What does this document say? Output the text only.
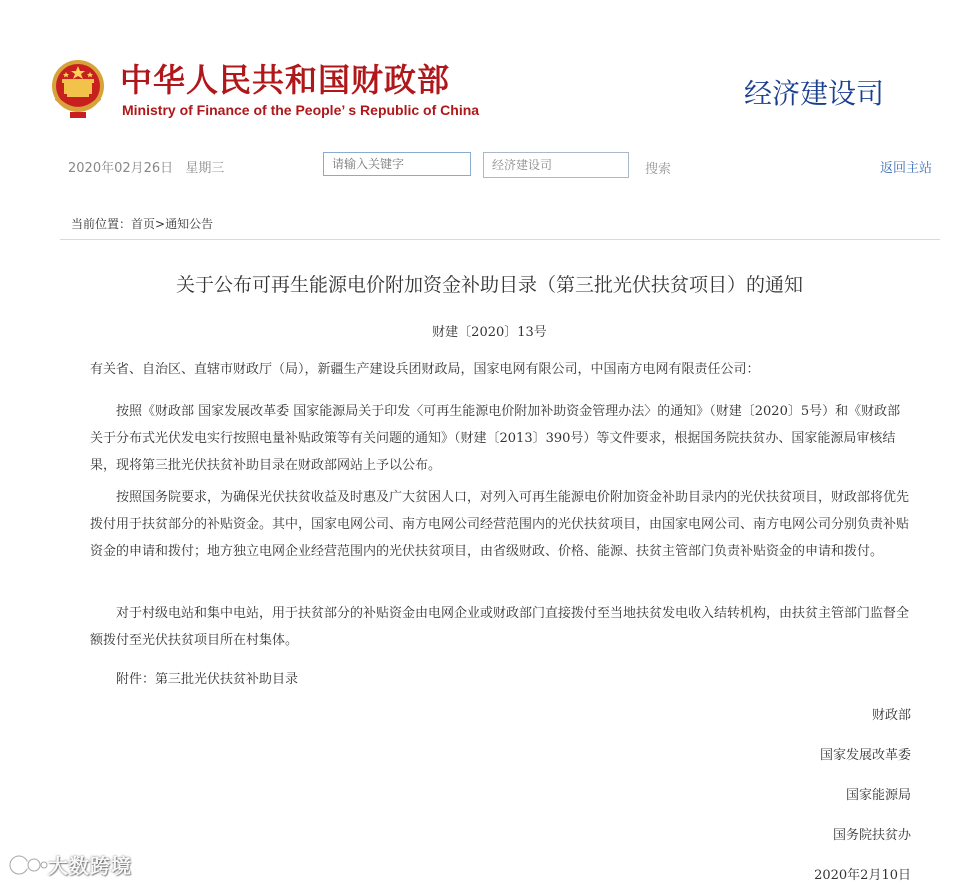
中华人民共和国财政部
Ministry of Finance of the People’ s Republic of China	经济建设司
2020年02月26日 星期三
请输入关键字	经济建设司	搜索	返回主站
当前位置：首页>通知公告
关于公布可再生能源电价附加资金补助目录（第三批光伏扶贫项目）的通知
财建〔2020〕13号
有关省、自治区、直辖市财政厅（局），新疆生产建设兵团财政局，国家电网有限公司，中国南方电网有限责任公司：
按照《财政部 国家发展改革委 国家能源局关于印发〈可再生能源电价附加补助资金管理办法〉的通知》（财建〔2020〕5号）和《财政部关于分布式光伏发电实行按照电量补贴政策等有关问题的通知》（财建〔2013〕390号）等文件要求，根据国务院扶贫办、国家能源局审核结果，现将第三批光伏扶贫补助目录在财政部网站上予以公布。
按照国务院要求，为确保光伏扶贫收益及时惠及广大贫困人口，对列入可再生能源电价附加资金补助目录内的光伏扶贫项目，财政部将优先拨付用于扶贫部分的补贴资金。其中，国家电网公司、南方电网公司经营范围内的光伏扶贫项目，由国家电网公司、南方电网公司分别负责补贴资金的申请和拨付；地方独立电网企业经营范围内的光伏扶贫项目，由省级财政、价格、能源、扶贫主管部门负责补贴资金的申请和拨付。
对于村级电站和集中电站，用于扶贫部分的补贴资金由电网企业或财政部门直接拨付至当地扶贫发电收入结转机构，由扶贫主管部门监督全额拨付至光伏扶贫项目所在村集体。
附件：第三批光伏扶贫补助目录
财政部
国家发展改革委
国家能源局
国务院扶贫办
2020年2月10日
大数跨境
